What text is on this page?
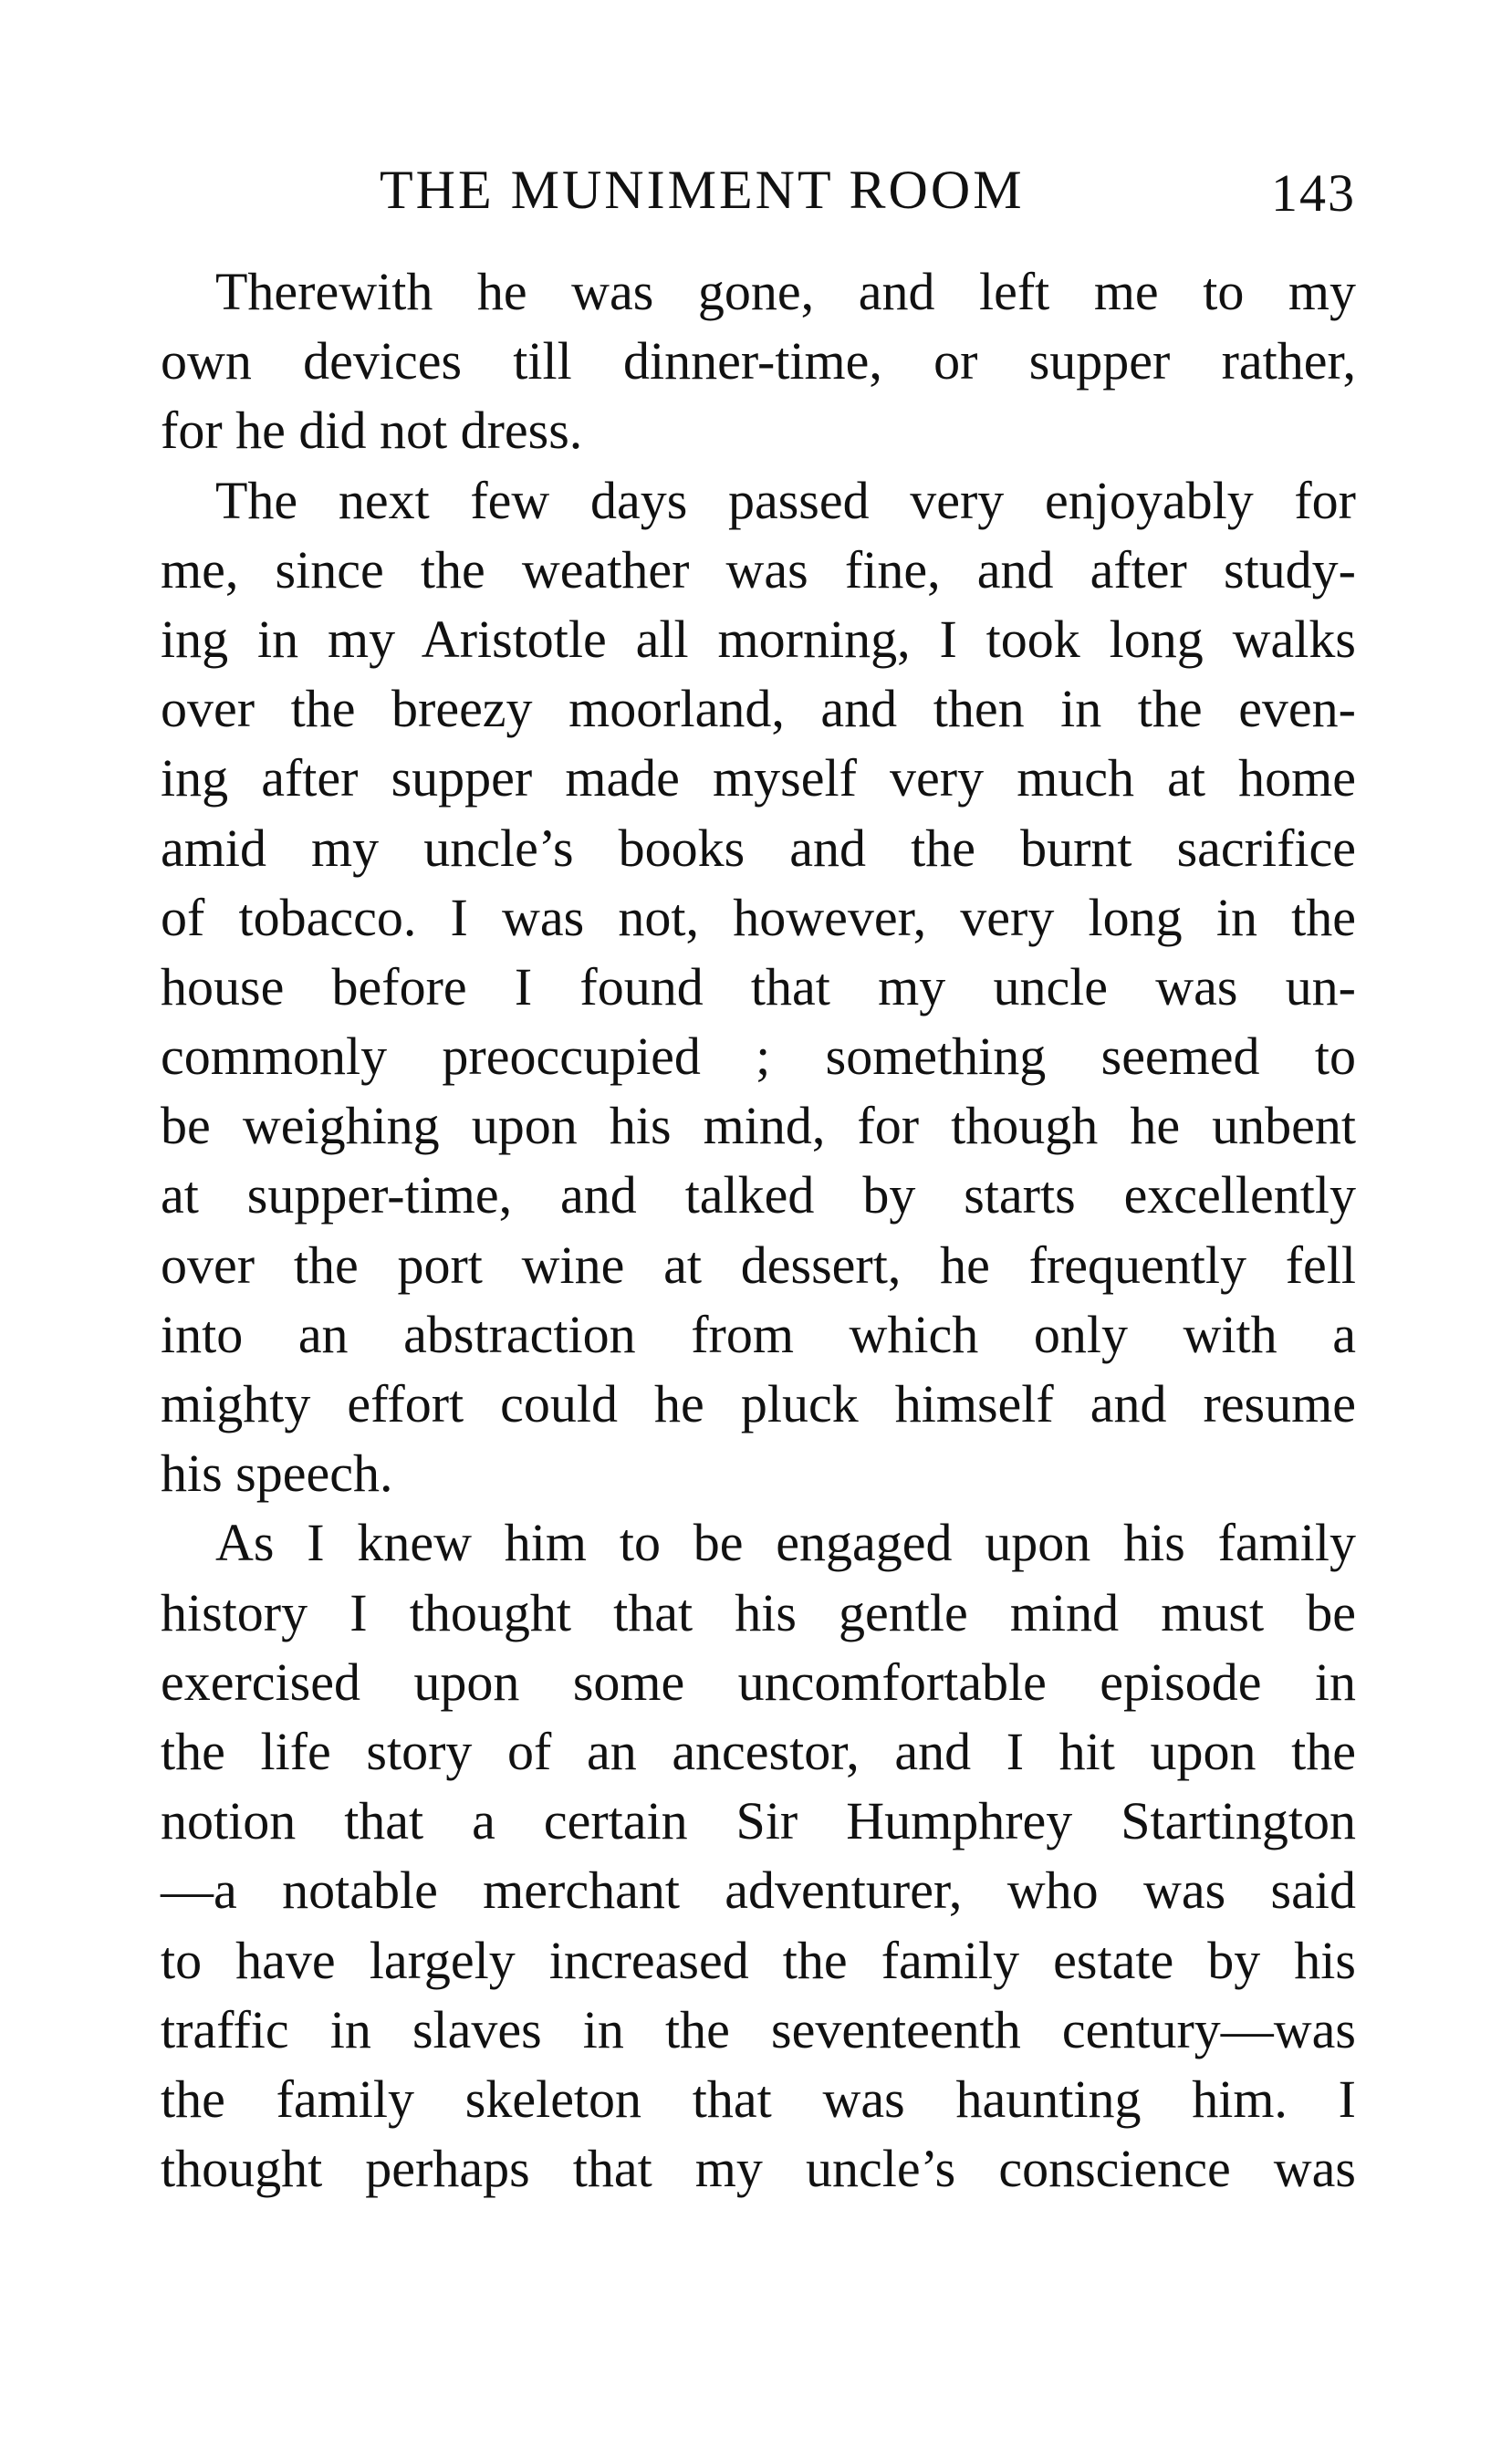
THE MUNIMENT ROOM	143
Therewith he was gone, and left me to my
own devices till dinner-time, or supper rather,
for he did not dress.
The next few days passed very enjoyably for
me, since the weather was fine, and after study-
ing in my Aristotle all morning, I took long walks
over the breezy moorland, and then in the even-
ing after supper made myself very much at home
amid my uncle’s books and the burnt sacrifice
of tobacco. I was not, however, very long in the
house before I found that my uncle was un-
commonly preoccupied ; something seemed to
be weighing upon his mind, for though he unbent
at supper-time, and talked by starts excellently
over the port wine at dessert, he frequently fell
into an abstraction from which only with a
mighty effort could he pluck himself and resume
his speech.
As I knew him to be engaged upon his family
history I thought that his gentle mind must be
exercised upon some uncomfortable episode in
the life story of an ancestor, and I hit upon the
notion that a certain Sir Humphrey Startington
—a notable merchant adventurer, who was said
to have largely increased the family estate by his
traffic in slaves in the seventeenth century—was
the family skeleton that was haunting him. I
thought perhaps that my uncle’s conscience was
